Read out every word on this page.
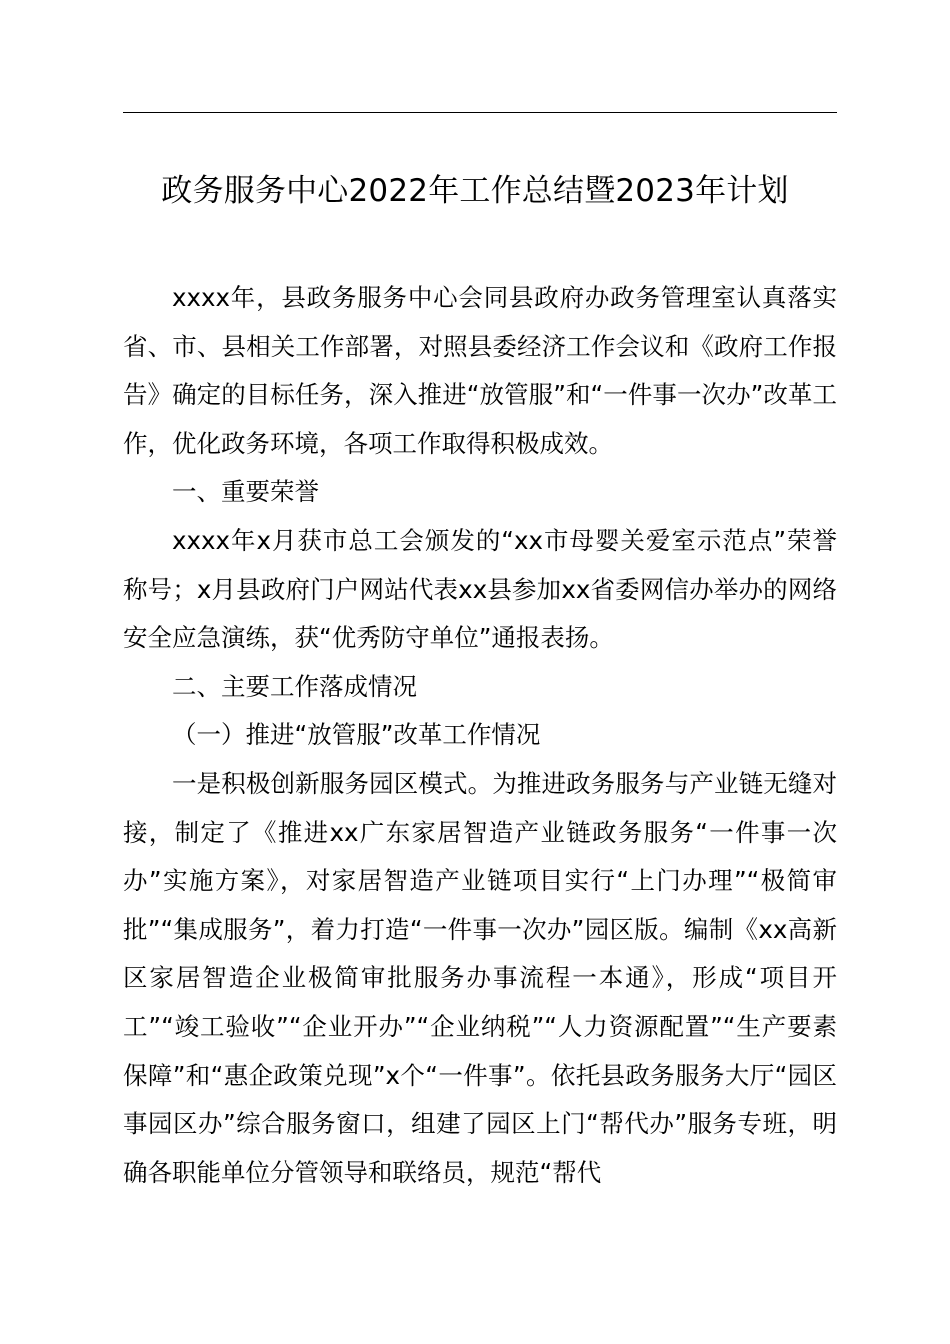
政务服务中心2022年工作总结暨2023年计划

xxxx年，县政务服务中心会同县政府办政务管理室认真落实省、市、县相关工作部署，对照县委经济工作会议和《政府工作报告》确定的目标任务，深入推进“放管服”和“一件事一次办”改革工作，优化政务环境，各项工作取得积极成效。

一、重要荣誉

xxxx年x月获市总工会颁发的“xx市母婴关爱室示范点”荣誉称号；x月县政府门户网站代表xx县参加xx省委网信办举办的网络安全应急演练，获“优秀防守单位”通报表扬。

二、主要工作落成情况

（一）推进“放管服”改革工作情况

一是积极创新服务园区模式。为推进政务服务与产业链无缝对接，制定了《推进xx广东家居智造产业链政务服务“一件事一次办”实施方案》，对家居智造产业链项目实行“上门办理”“极简审批”“集成服务”，着力打造“一件事一次办”园区版。编制《xx高新区家居智造企业极简审批服务办事流程一本通》，形成“项目开工”“竣工验收”“企业开办”“企业纳税”“人力资源配置”“生产要素保障”和“惠企政策兑现”x个“一件事”。依托县政务服务大厅“园区事园区办”综合服务窗口，组建了园区上门“帮代办”服务专班，明确各职能单位分管领导和联络员，规范“帮代
